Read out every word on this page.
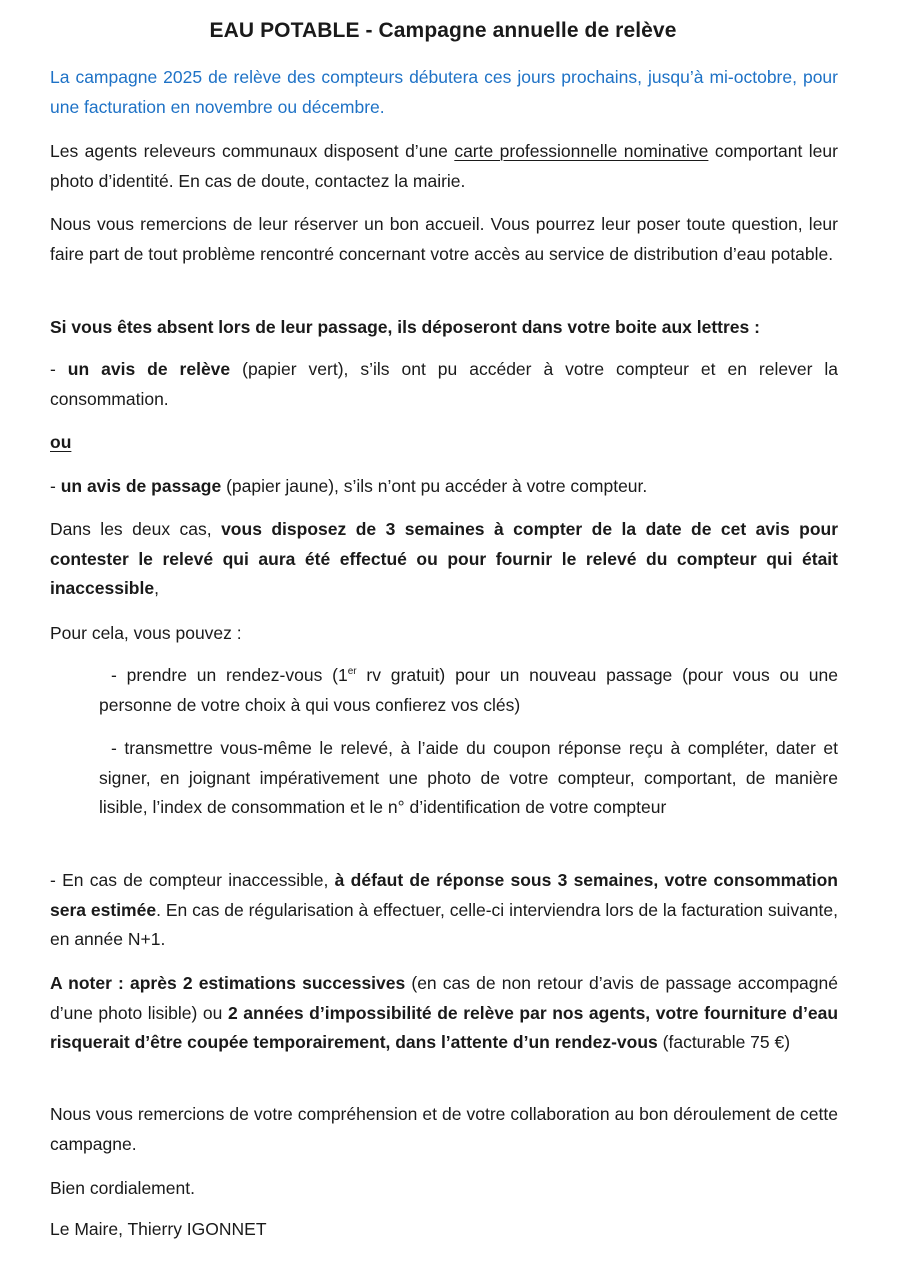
EAU POTABLE - Campagne annuelle de relève

La campagne 2025 de relève des compteurs débutera ces jours prochains, jusqu’à mi-octobre, pour une facturation en novembre ou décembre.

Les agents releveurs communaux disposent d’une carte professionnelle nominative comportant leur photo d’identité. En cas de doute, contactez la mairie.

Nous vous remercions de leur réserver un bon accueil. Vous pourrez leur poser toute question, leur faire part de tout problème rencontré concernant votre accès au service de distribution d’eau potable.

Si vous êtes absent lors de leur passage, ils déposeront dans votre boite aux lettres :

- un avis de relève (papier vert), s’ils ont pu accéder à votre compteur et en relever la consommation.

ou

- un avis de passage (papier jaune), s’ils n’ont pu accéder à votre compteur.

Dans les deux cas, vous disposez de 3 semaines à compter de la date de cet avis pour contester le relevé qui aura été effectué ou pour fournir le relevé du compteur qui était inaccessible,

Pour cela, vous pouvez :

- prendre un rendez-vous (1er rv gratuit) pour un nouveau passage (pour vous ou une personne de votre choix à qui vous confierez vos clés)

- transmettre vous-même le relevé, à l’aide du coupon réponse reçu à compléter, dater et signer, en joignant impérativement une photo de votre compteur, comportant, de manière lisible, l’index de consommation et le n° d’identification de votre compteur

- En cas de compteur inaccessible, à défaut de réponse sous 3 semaines, votre consommation sera estimée. En cas de régularisation à effectuer, celle-ci interviendra lors de la facturation suivante, en année N+1.

A noter : après 2 estimations successives (en cas de non retour d’avis de passage accompagné d’une photo lisible) ou 2 années d’impossibilité de relève par nos agents, votre fourniture d’eau risquerait d’être coupée temporairement, dans l’attente d’un rendez-vous (facturable 75 €)

Nous vous remercions de votre compréhension et de votre collaboration au bon déroulement de cette campagne.

Bien cordialement.

Le Maire, Thierry IGONNET
